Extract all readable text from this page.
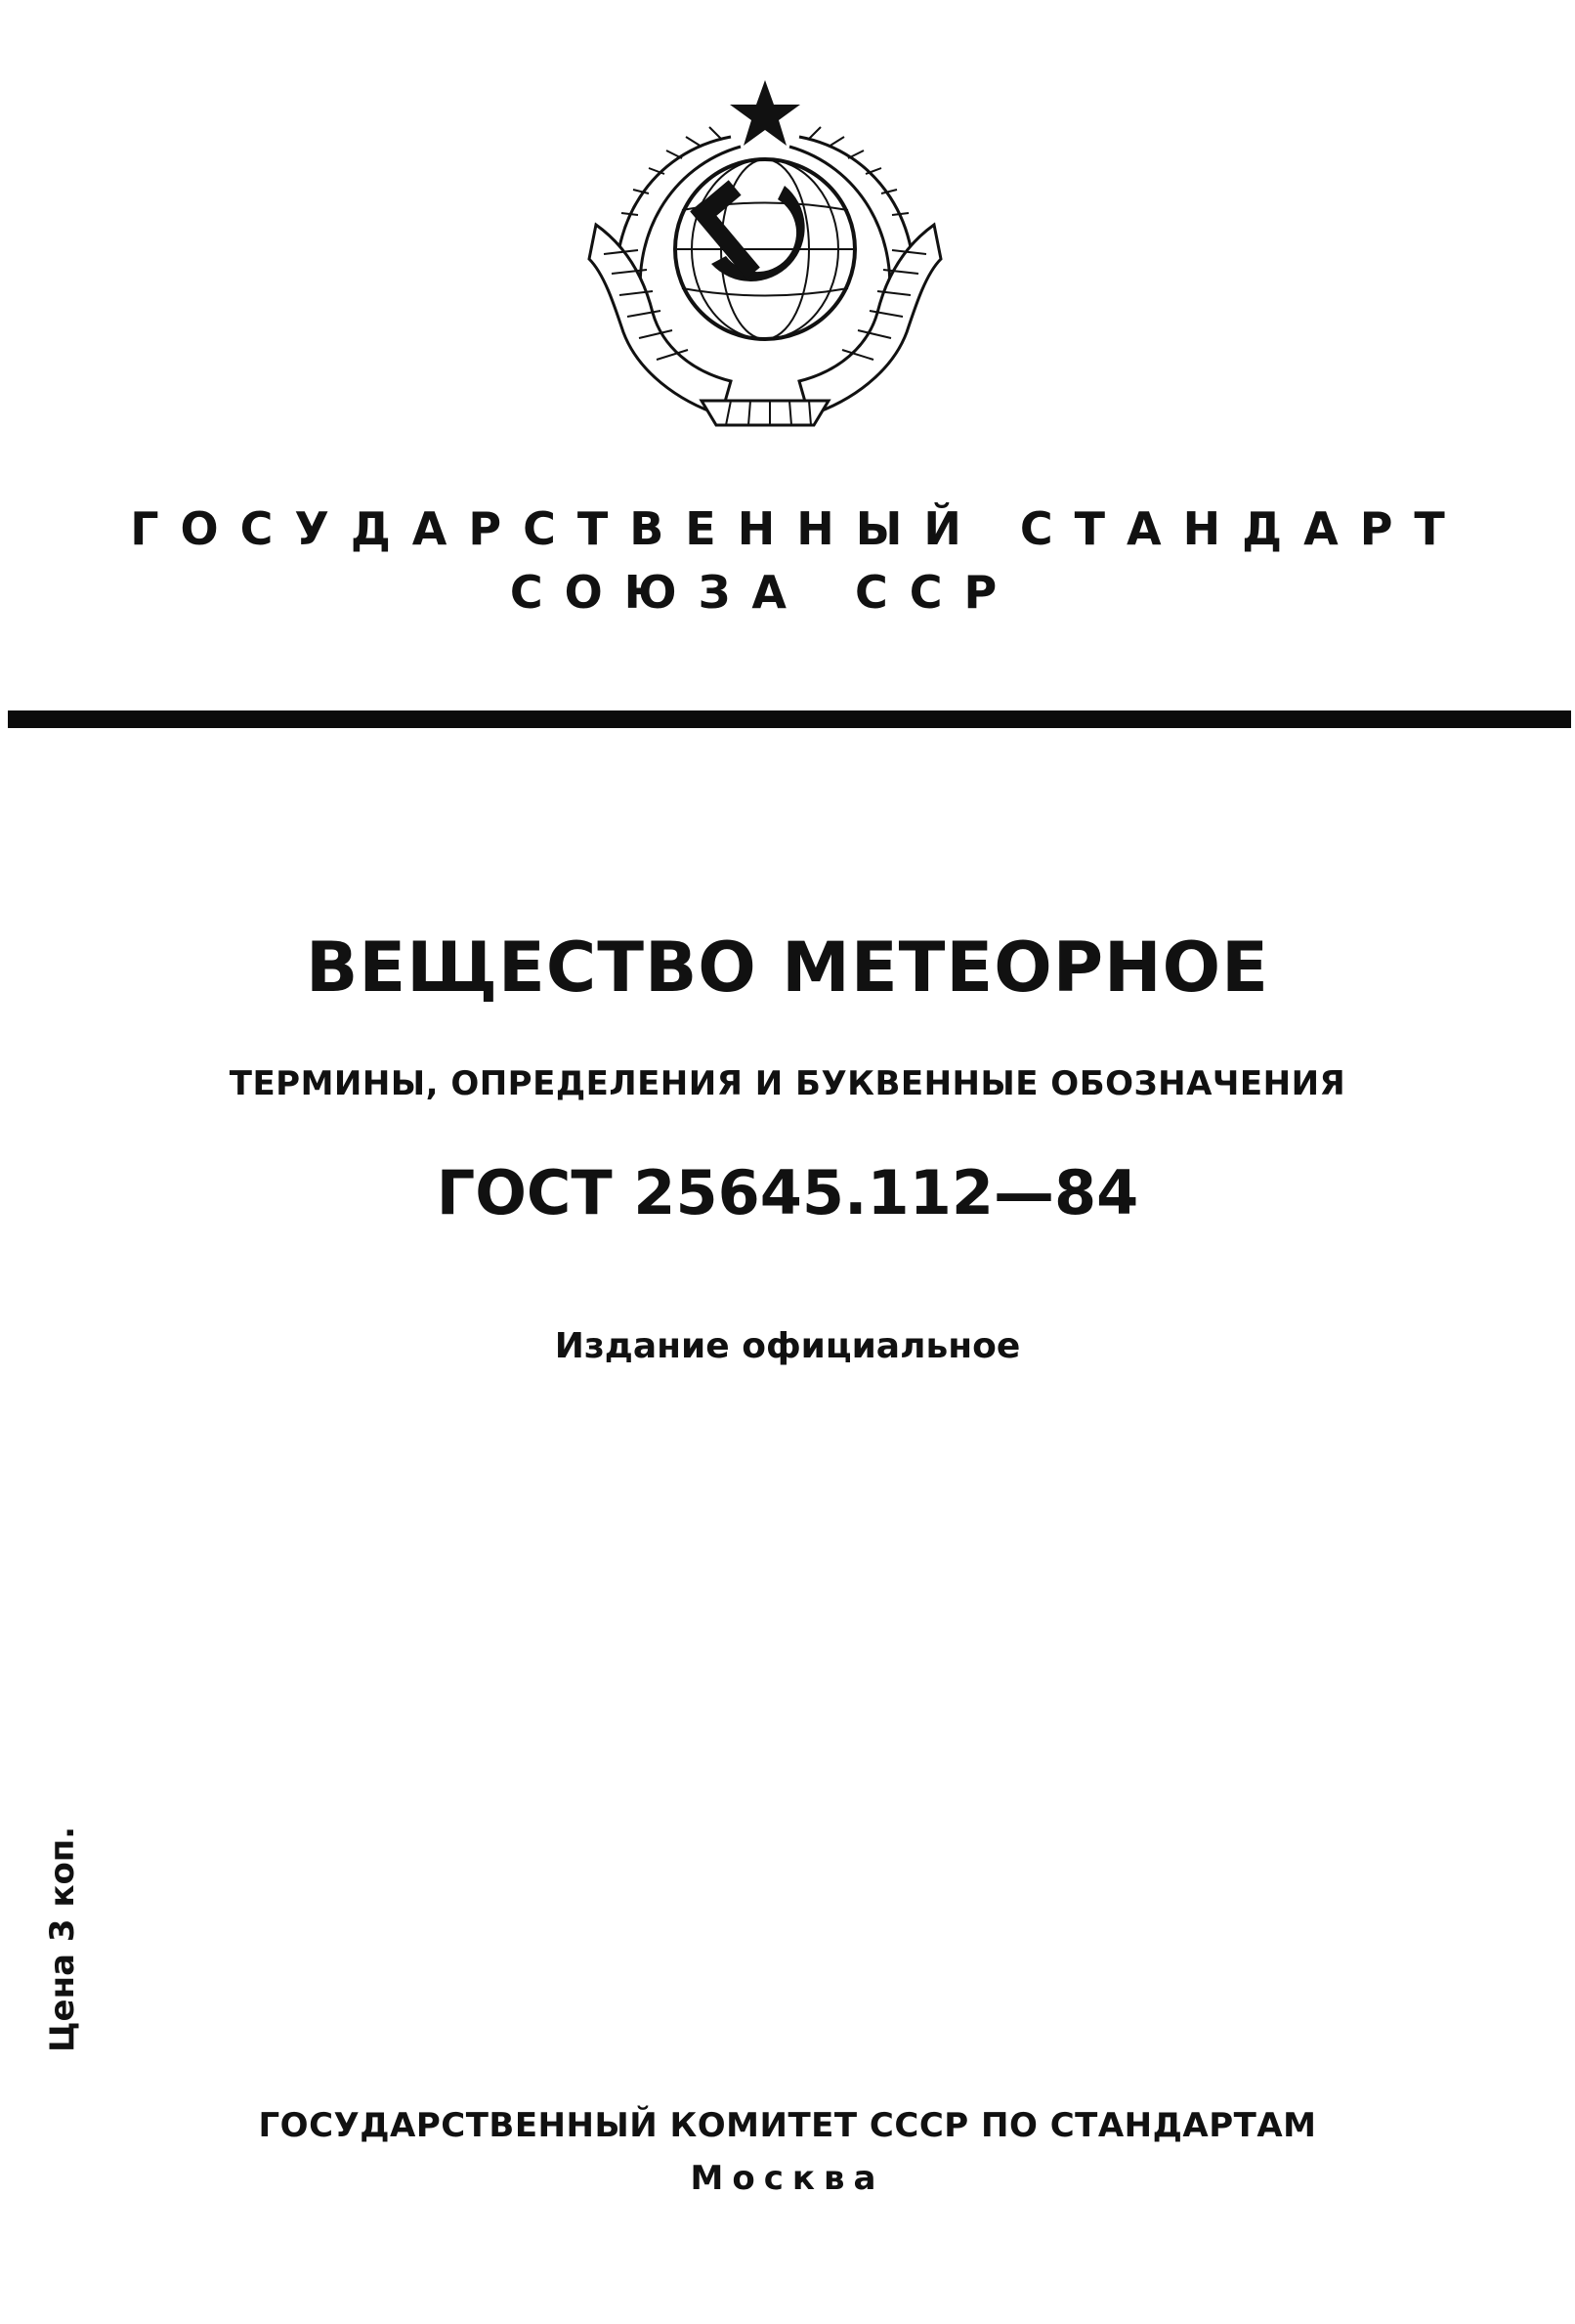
ГОСУДАРСТВЕННЫЙ СТАНДАРТ
СОЮЗА ССР
ВЕЩЕСТВО МЕТЕОРНОЕ
ТЕРМИНЫ, ОПРЕДЕЛЕНИЯ И БУКВЕННЫЕ ОБОЗНАЧЕНИЯ
ГОСТ 25645.112—84
Издание официальное
Цена 3 коп.
ГОСУДАРСТВЕННЫЙ КОМИТЕТ СССР ПО СТАНДАРТАМ
Москва
